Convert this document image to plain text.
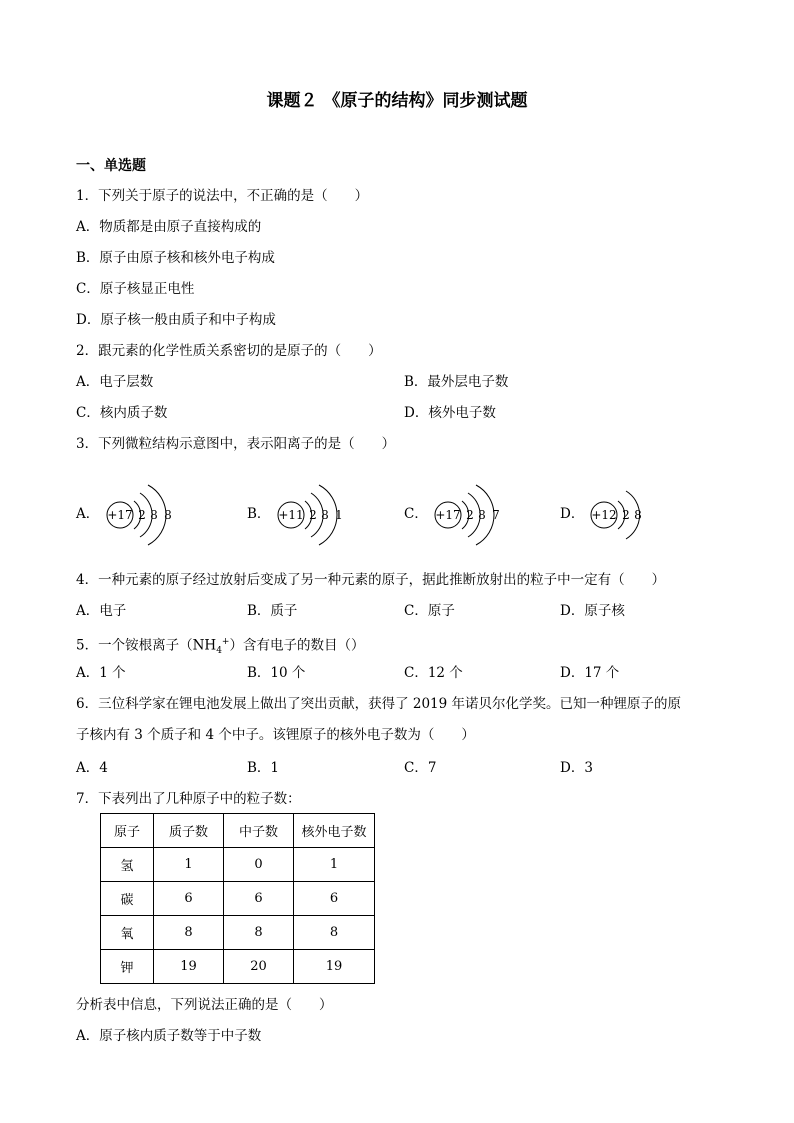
课题２ 《原子的结构》同步测试题
一、单选题
1．下列关于原子的说法中，不正确的是（　　）
A．物质都是由原子直接构成的
B．原子由原子核和核外电子构成
C．原子核显正电性
D．原子核一般由质子和中子构成
2．跟元素的化学性质关系密切的是原子的（　　）
A．电子层数	B．最外层电子数
C．核内质子数	D．核外电子数
3．下列微粒结构示意图中，表示阳离子的是（　　）
A． +17 2 8 8	B． +11 2 8 1	C． +17 2 8 7	D． +12 2 8
4．一种元素的原子经过放射后变成了另一种元素的原子，据此推断放射出的粒子中一定有（　　）
A．电子	B．质子	C．原子	D．原子核
5．一个铵根离子$(NH_4^+)$含有电子的数目（）
A．1 个	B．10 个	C．12 个	D．17 个
6．三位科学家在锂电池发展上做出了突出贡献，获得了 2019 年诺贝尔化学奖。已知一种锂原子的原
子核内有 3 个质子和 4 个中子。该锂原子的核外电子数为（　　）
A．4	B．1	C．7	D．3
7．下表列出了几种原子中的粒子数：
原子	质子数	中子数	核外电子数
氢	1	0	1
碳	6	6	6
氧	8	8	8
钾	19	20	19
分析表中信息，下列说法正确的是（　　）
A．原子核内质子数等于中子数
